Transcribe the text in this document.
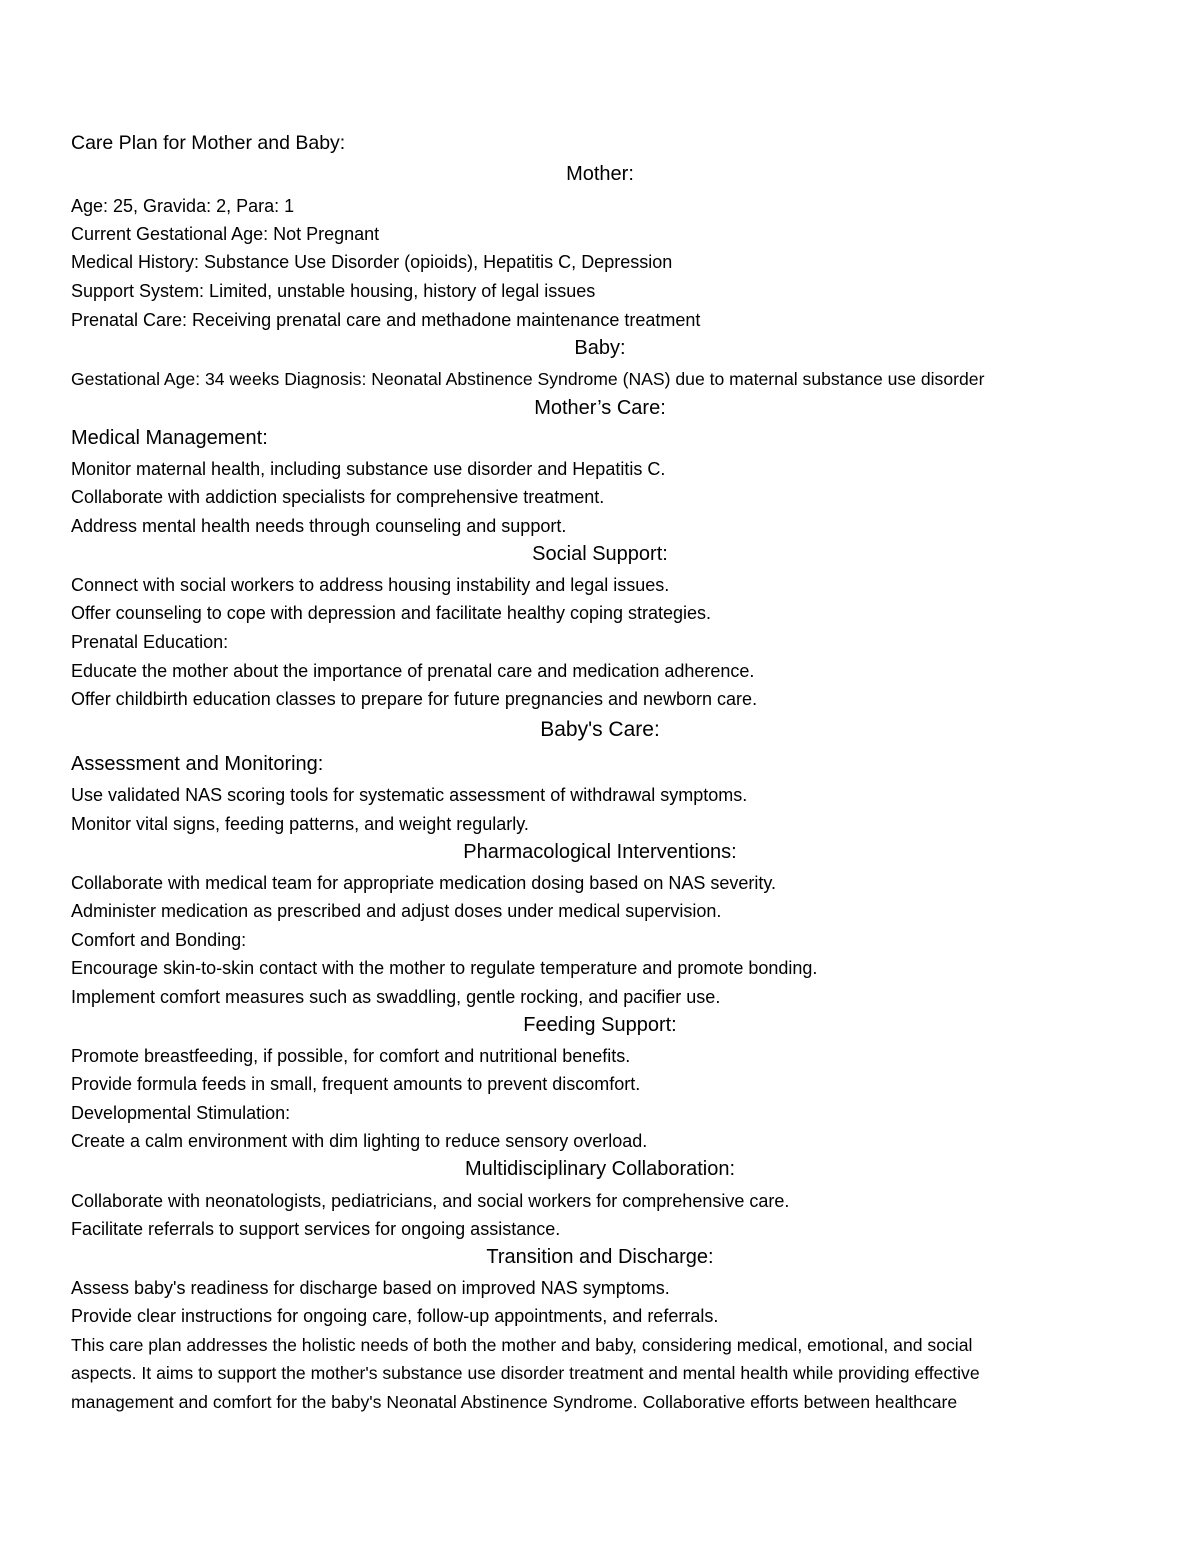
Care Plan for Mother and Baby:
Mother:
Age: 25, Gravida: 2, Para: 1
Current Gestational Age: Not Pregnant
Medical History: Substance Use Disorder (opioids), Hepatitis C, Depression
Support System: Limited, unstable housing, history of legal issues
Prenatal Care: Receiving prenatal care and methadone maintenance treatment
Baby:
Gestational Age: 34 weeks Diagnosis: Neonatal Abstinence Syndrome (NAS) due to maternal substance use disorder
Mother’s Care:
Medical Management:
Monitor maternal health, including substance use disorder and Hepatitis C.
Collaborate with addiction specialists for comprehensive treatment.
Address mental health needs through counseling and support.
Social Support:
Connect with social workers to address housing instability and legal issues.
Offer counseling to cope with depression and facilitate healthy coping strategies.
Prenatal Education:
Educate the mother about the importance of prenatal care and medication adherence.
Offer childbirth education classes to prepare for future pregnancies and newborn care.
Baby's Care:
Assessment and Monitoring:
Use validated NAS scoring tools for systematic assessment of withdrawal symptoms.
Monitor vital signs, feeding patterns, and weight regularly.
Pharmacological Interventions:
Collaborate with medical team for appropriate medication dosing based on NAS severity.
Administer medication as prescribed and adjust doses under medical supervision.
Comfort and Bonding:
Encourage skin-to-skin contact with the mother to regulate temperature and promote bonding.
Implement comfort measures such as swaddling, gentle rocking, and pacifier use.
Feeding Support:
Promote breastfeeding, if possible, for comfort and nutritional benefits.
Provide formula feeds in small, frequent amounts to prevent discomfort.
Developmental Stimulation:
Create a calm environment with dim lighting to reduce sensory overload.
Multidisciplinary Collaboration:
Collaborate with neonatologists, pediatricians, and social workers for comprehensive care.
Facilitate referrals to support services for ongoing assistance.
Transition and Discharge:
Assess baby's readiness for discharge based on improved NAS symptoms.
Provide clear instructions for ongoing care, follow-up appointments, and referrals.
This care plan addresses the holistic needs of both the mother and baby, considering medical, emotional, and social
aspects. It aims to support the mother's substance use disorder treatment and mental health while providing effective
management and comfort for the baby's Neonatal Abstinence Syndrome. Collaborative efforts between healthcare
